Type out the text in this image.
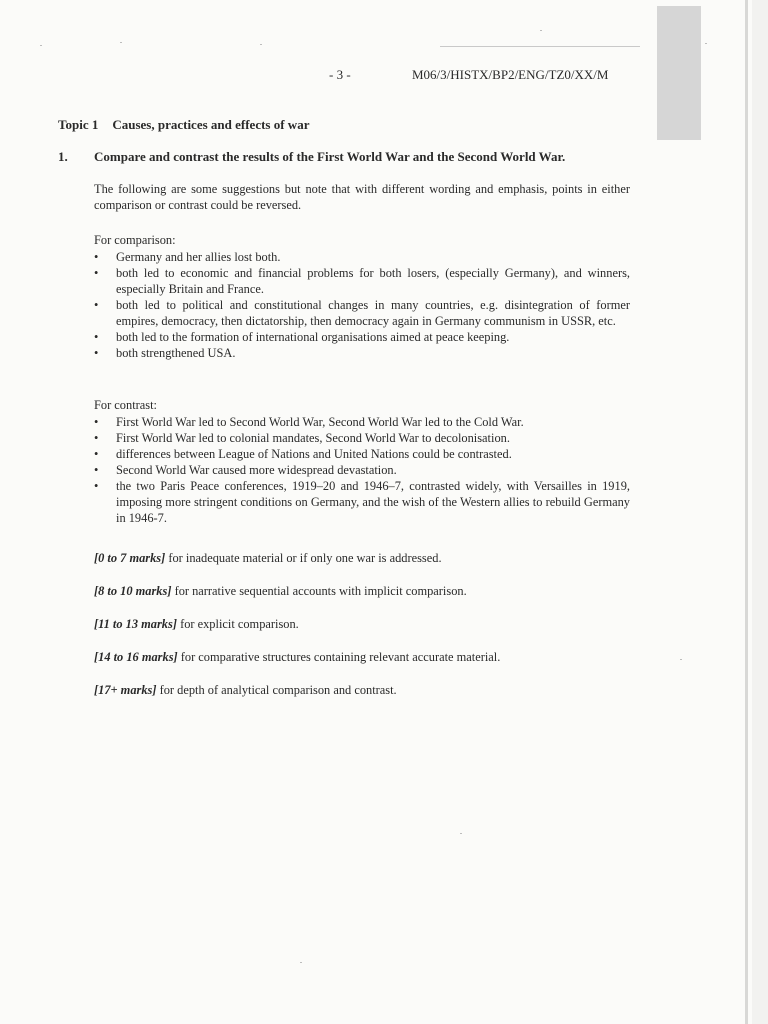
- 3 -	M06/3/HISTX/BP2/ENG/TZ0/XX/M
Topic 1 Causes, practices and effects of war
1. Compare and contrast the results of the First World War and the Second World War.
The following are some suggestions but note that with different wording and emphasis, points in either comparison or contrast could be reversed.
For comparison:
• Germany and her allies lost both.
• both led to economic and financial problems for both losers, (especially Germany), and winners, especially Britain and France.
• both led to political and constitutional changes in many countries, e.g. disintegration of former empires, democracy, then dictatorship, then democracy again in Germany communism in USSR, etc.
• both led to the formation of international organisations aimed at peace keeping.
• both strengthened USA.
For contrast:
• First World War led to Second World War, Second World War led to the Cold War.
• First World War led to colonial mandates, Second World War to decolonisation.
• differences between League of Nations and United Nations could be contrasted.
• Second World War caused more widespread devastation.
• the two Paris Peace conferences, 1919–20 and 1946–7, contrasted widely, with Versailles in 1919, imposing more stringent conditions on Germany, and the wish of the Western allies to rebuild Germany in 1946-7.
[0 to 7 marks] for inadequate material or if only one war is addressed.
[8 to 10 marks] for narrative sequential accounts with implicit comparison.
[11 to 13 marks] for explicit comparison.
[14 to 16 marks] for comparative structures containing relevant accurate material.
[17+ marks] for depth of analytical comparison and contrast.
